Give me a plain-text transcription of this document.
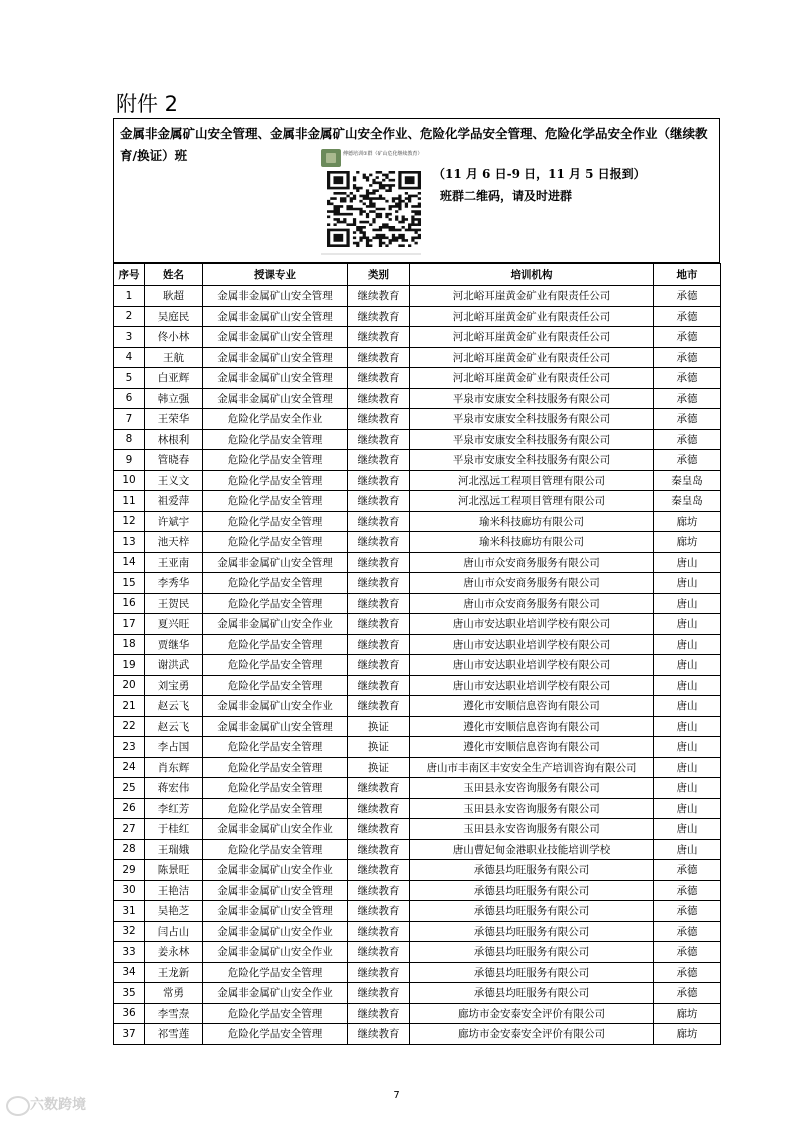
附件 2
金属非金属矿山安全管理、金属非金属矿山安全作业、危险化学品安全管理、危险化学品安全作业（继续教育/换证）班	傅德培训①群（矿山危化继续教育）
（11 月 6 日-9 日，11 月 5 日报到）
班群二维码，请及时进群
序号	姓名	授课专业	类别	培训机构	地市
1	耿超	金属非金属矿山安全管理	继续教育	河北峪耳崖黄金矿业有限责任公司	承德
2	吴庭民	金属非金属矿山安全管理	继续教育	河北峪耳崖黄金矿业有限责任公司	承德
3	佟小林	金属非金属矿山安全管理	继续教育	河北峪耳崖黄金矿业有限责任公司	承德
4	王航	金属非金属矿山安全管理	继续教育	河北峪耳崖黄金矿业有限责任公司	承德
5	白亚辉	金属非金属矿山安全管理	继续教育	河北峪耳崖黄金矿业有限责任公司	承德
6	韩立强	金属非金属矿山安全管理	继续教育	平泉市安康安全科技服务有限公司	承德
7	王荣华	危险化学品安全作业	继续教育	平泉市安康安全科技服务有限公司	承德
8	林根利	危险化学品安全管理	继续教育	平泉市安康安全科技服务有限公司	承德
9	管晓春	危险化学品安全管理	继续教育	平泉市安康安全科技服务有限公司	承德
10	王义文	危险化学品安全管理	继续教育	河北泓远工程项目管理有限公司	秦皇岛
11	祖爱萍	危险化学品安全管理	继续教育	河北泓远工程项目管理有限公司	秦皇岛
12	许斌宇	危险化学品安全管理	继续教育	瑜米科技廊坊有限公司	廊坊
13	池天梓	危险化学品安全管理	继续教育	瑜米科技廊坊有限公司	廊坊
14	王亚南	金属非金属矿山安全管理	继续教育	唐山市众安商务服务有限公司	唐山
15	李秀华	危险化学品安全管理	继续教育	唐山市众安商务服务有限公司	唐山
16	王贺民	危险化学品安全管理	继续教育	唐山市众安商务服务有限公司	唐山
17	夏兴旺	金属非金属矿山安全作业	继续教育	唐山市安达职业培训学校有限公司	唐山
18	贾继华	危险化学品安全管理	继续教育	唐山市安达职业培训学校有限公司	唐山
19	谢洪武	危险化学品安全管理	继续教育	唐山市安达职业培训学校有限公司	唐山
20	刘宝勇	危险化学品安全管理	继续教育	唐山市安达职业培训学校有限公司	唐山
21	赵云飞	金属非金属矿山安全作业	继续教育	遵化市安顺信息咨询有限公司	唐山
22	赵云飞	金属非金属矿山安全管理	换证	遵化市安顺信息咨询有限公司	唐山
23	李占国	危险化学品安全管理	换证	遵化市安顺信息咨询有限公司	唐山
24	肖东辉	危险化学品安全管理	换证	唐山市丰南区丰安安全生产培训咨询有限公司	唐山
25	蒋宏伟	危险化学品安全管理	继续教育	玉田县永安咨询服务有限公司	唐山
26	李红芳	危险化学品安全管理	继续教育	玉田县永安咨询服务有限公司	唐山
27	于桂红	金属非金属矿山安全作业	继续教育	玉田县永安咨询服务有限公司	唐山
28	王瑞娥	危险化学品安全管理	继续教育	唐山曹妃甸金港职业技能培训学校	唐山
29	陈景旺	金属非金属矿山安全作业	继续教育	承德县均旺服务有限公司	承德
30	王艳洁	金属非金属矿山安全管理	继续教育	承德县均旺服务有限公司	承德
31	吴艳芝	金属非金属矿山安全管理	继续教育	承德县均旺服务有限公司	承德
32	闫占山	金属非金属矿山安全作业	继续教育	承德县均旺服务有限公司	承德
33	姜永林	金属非金属矿山安全作业	继续教育	承德县均旺服务有限公司	承德
34	王龙新	危险化学品安全管理	继续教育	承德县均旺服务有限公司	承德
35	常勇	金属非金属矿山安全作业	继续教育	承德县均旺服务有限公司	承德
36	李雪焘	危险化学品安全管理	继续教育	廊坊市金安泰安全评价有限公司	廊坊
37	祁雪莲	危险化学品安全管理	继续教育	廊坊市金安泰安全评价有限公司	廊坊
7
六数跨境
